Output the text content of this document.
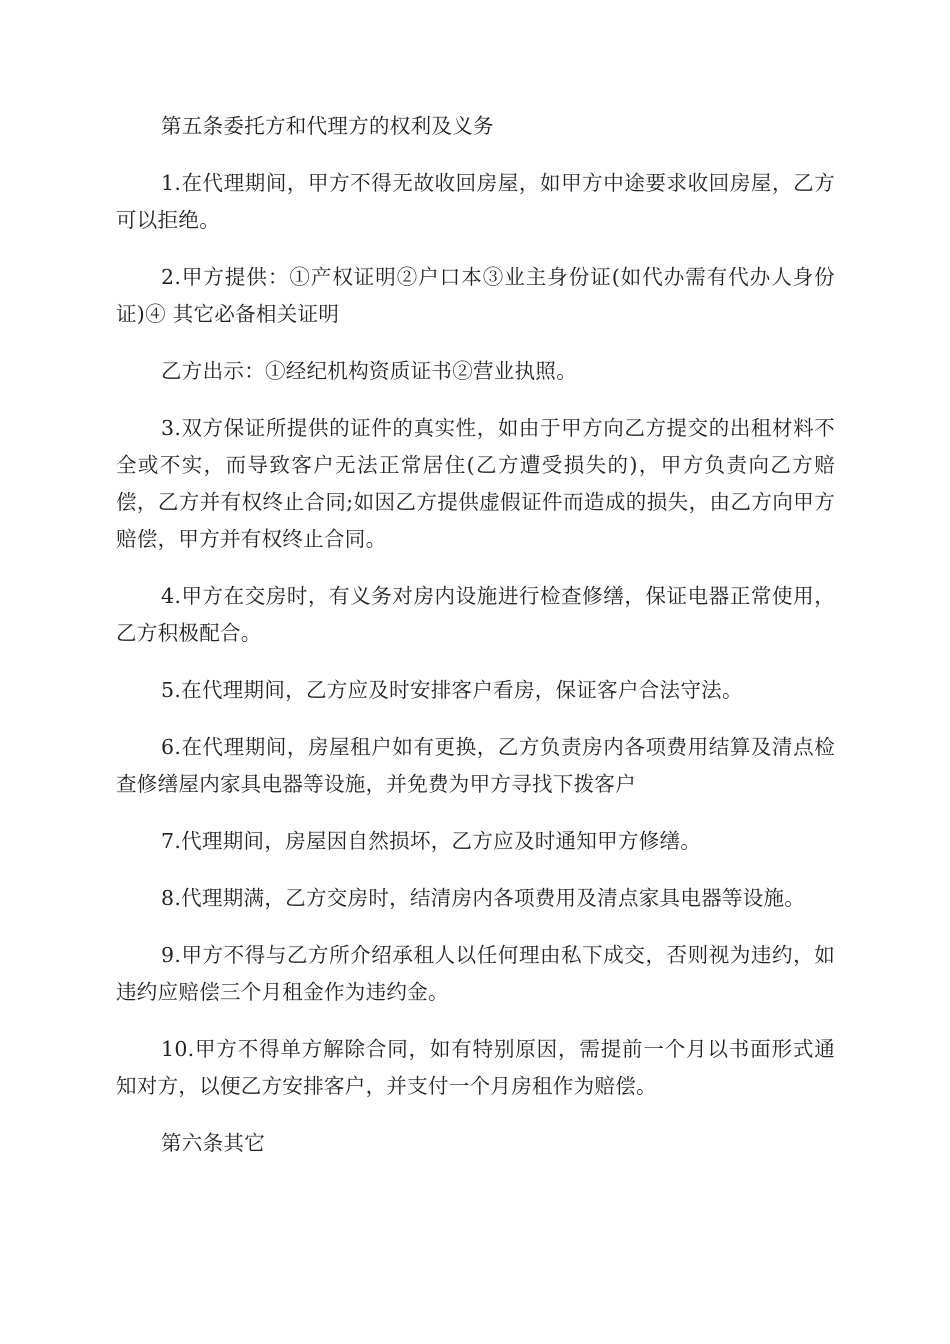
第五条委托方和代理方的权利及义务

1.在代理期间，甲方不得无故收回房屋，如甲方中途要求收回房屋，乙方可以拒绝。

2.甲方提供：①产权证明②户口本③业主身份证(如代办需有代办人身份证)④ 其它必备相关证明

乙方出示：①经纪机构资质证书②营业执照。

3.双方保证所提供的证件的真实性，如由于甲方向乙方提交的出租材料不全或不实，而导致客户无法正常居住(乙方遭受损失的)，甲方负责向乙方赔偿，乙方并有权终止合同;如因乙方提供虚假证件而造成的损失，由乙方向甲方赔偿，甲方并有权终止合同。

4.甲方在交房时，有义务对房内设施进行检查修缮，保证电器正常使用，乙方积极配合。

5.在代理期间，乙方应及时安排客户看房，保证客户合法守法。

6.在代理期间，房屋租户如有更换，乙方负责房内各项费用结算及清点检查修缮屋内家具电器等设施，并免费为甲方寻找下拨客户

7.代理期间，房屋因自然损坏，乙方应及时通知甲方修缮。

8.代理期满，乙方交房时，结清房内各项费用及清点家具电器等设施。

9.甲方不得与乙方所介绍承租人以任何理由私下成交，否则视为违约，如违约应赔偿三个月租金作为违约金。

10.甲方不得单方解除合同，如有特别原因，需提前一个月以书面形式通知对方，以便乙方安排客户，并支付一个月房租作为赔偿。

第六条其它
